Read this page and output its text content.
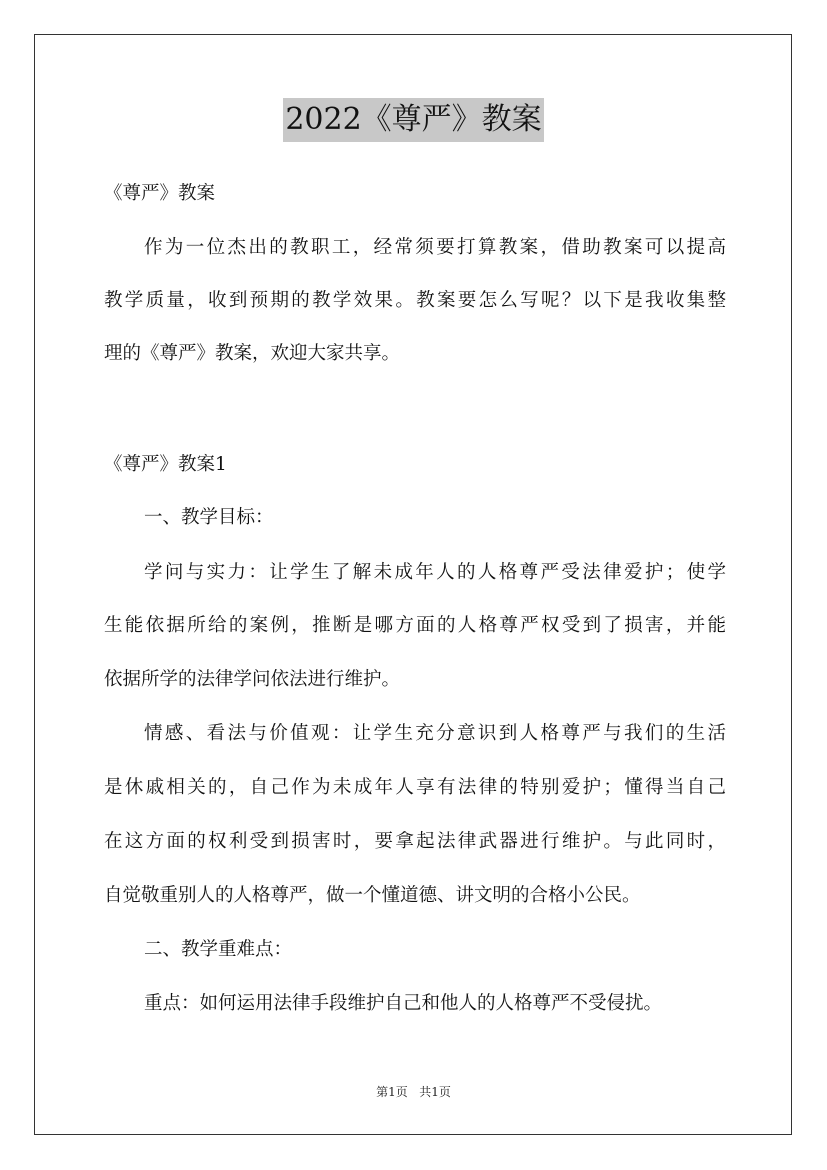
2022《尊严》教案
《尊严》教案
作为一位杰出的教职工，经常须要打算教案，借助教案可以提高
教学质量，收到预期的教学效果。教案要怎么写呢？以下是我收集整
理的《尊严》教案，欢迎大家共享。
《尊严》教案1
一、教学目标：
学问与实力：让学生了解未成年人的人格尊严受法律爱护；使学
生能依据所给的案例，推断是哪方面的人格尊严权受到了损害，并能
依据所学的法律学问依法进行维护。
情感、看法与价值观：让学生充分意识到人格尊严与我们的生活
是休戚相关的，自己作为未成年人享有法律的特别爱护；懂得当自己
在这方面的权利受到损害时，要拿起法律武器进行维护。与此同时，
自觉敬重别人的人格尊严，做一个懂道德、讲文明的合格小公民。
二、教学重难点：
重点：如何运用法律手段维护自己和他人的人格尊严不受侵扰。
第1页 共1页
